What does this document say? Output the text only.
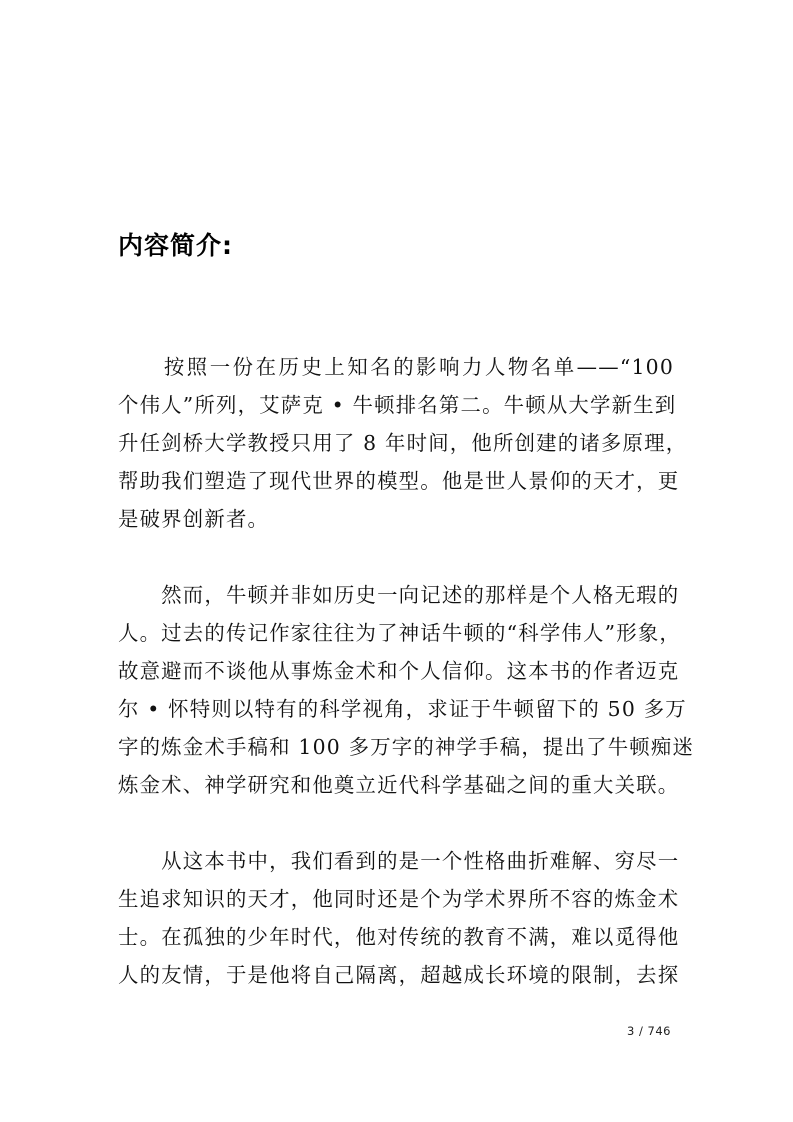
内容简介:
　　按照一份在历史上知名的影响力人物名单——“100
个伟人”所列，艾萨克 • 牛顿排名第二。牛顿从大学新生到
升任剑桥大学教授只用了 8 年时间，他所创建的诸多原理，
帮助我们塑造了现代世界的模型。他是世人景仰的天才，更
是破界创新者。
　　然而，牛顿并非如历史一向记述的那样是个人格无瑕的
人。过去的传记作家往往为了神话牛顿的“科学伟人”形象，
故意避而不谈他从事炼金术和个人信仰。这本书的作者迈克
尔 • 怀特则以特有的科学视角，求证于牛顿留下的 50 多万
字的炼金术手稿和 100 多万字的神学手稿，提出了牛顿痴迷
炼金术、神学研究和他奠立近代科学基础之间的重大关联。
　　从这本书中，我们看到的是一个性格曲折难解、穷尽一
生追求知识的天才，他同时还是个为学术界所不容的炼金术
士。在孤独的少年时代，他对传统的教育不满，难以觅得他
人的友情，于是他将自己隔离，超越成长环境的限制，去探
3 / 746
